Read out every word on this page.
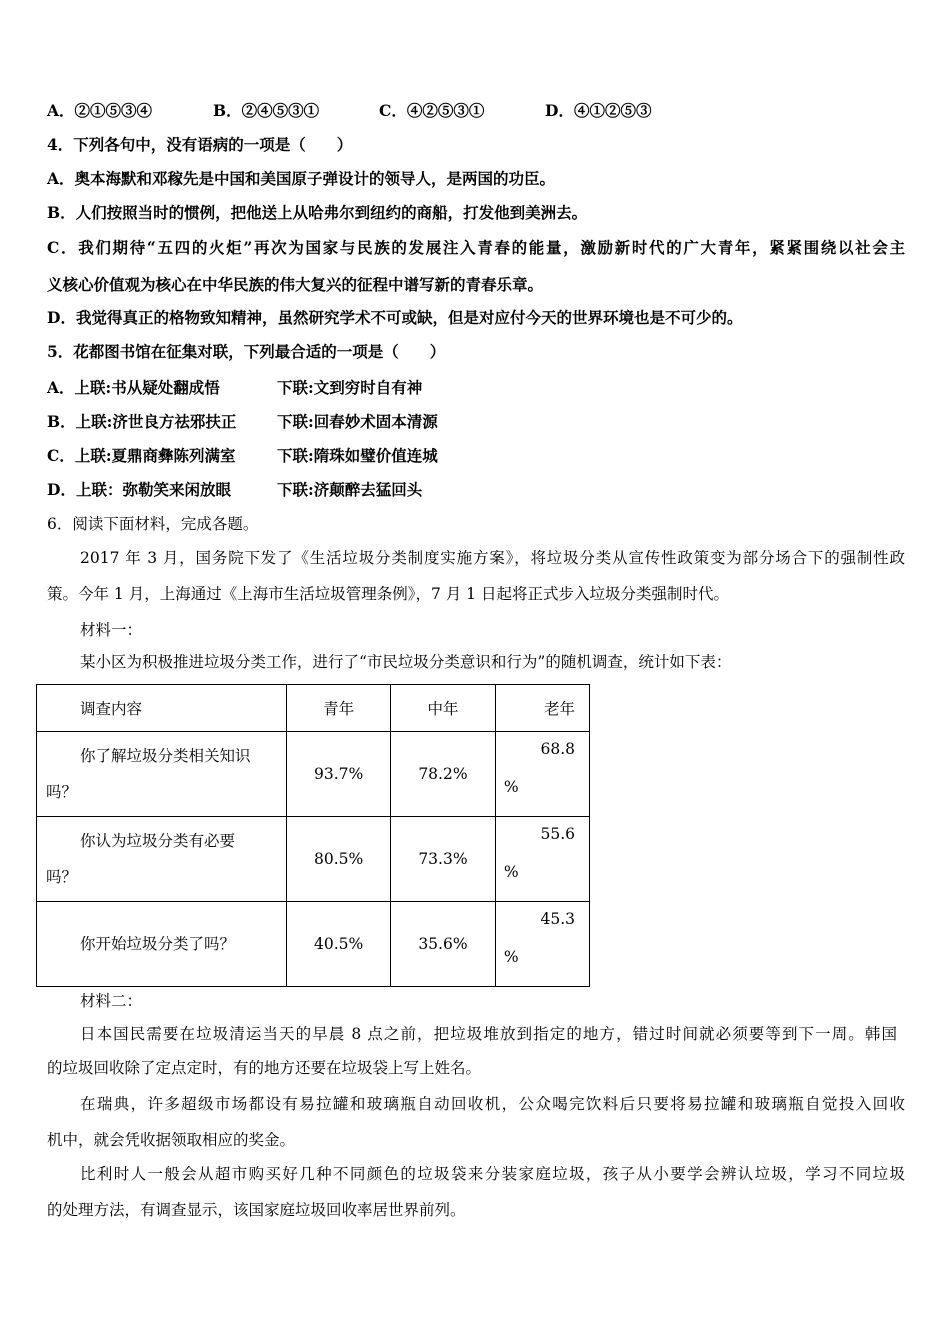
A．②①⑤③④	B．②④⑤③①	C．④②⑤③①	D．④①②⑤③
4．下列各句中，没有语病的一项是（　　）
A．奥本海默和邓稼先是中国和美国原子弹设计的领导人，是两国的功臣。
B．人们按照当时的惯例，把他送上从哈弗尔到纽约的商船，打发他到美洲去。
C．我们期待“五四的火炬”再次为国家与民族的发展注入青春的能量，激励新时代的广大青年，紧紧围绕以社会主
义核心价值观为核心在中华民族的伟大复兴的征程中谱写新的青春乐章。
D．我觉得真正的格物致知精神，虽然研究学术不可或缺，但是对应付今天的世界环境也是不可少的。
5．花都图书馆在征集对联，下列最合适的一项是（　　）
A．上联:书从疑处翻成悟	下联:文到穷时自有神
B．上联:济世良方祛邪扶正	下联:回春妙术固本清源
C．上联:夏鼎商彝陈列满室	下联:隋珠如璧价值连城
D．上联：弥勒笑来闲放眼	下联:济颠醉去猛回头
6．阅读下面材料，完成各题。
2017 年 3 月，国务院下发了《生活垃圾分类制度实施方案》，将垃圾分类从宣传性政策变为部分场合下的强制性政
策。今年 1 月，上海通过《上海市生活垃圾管理条例》，7 月 1 日起将正式步入垃圾分类强制时代。
材料一：
某小区为积极推进垃圾分类工作，进行了“市民垃圾分类意识和行为”的随机调查，统计如下表：
调查内容	青年	中年	老年

你了解垃圾分类相关知识
吗？	93.7%	78.2%	68.8
%

你认为垃圾分类有必要
吗？	80.5%	73.3%	55.6
%

你开始垃圾分类了吗？	40.5%	35.6%	45.3
%
材料二：
日本国民需要在垃圾清运当天的早晨 8 点之前，把垃圾堆放到指定的地方，错过时间就必须要等到下一周。韩国
的垃圾回收除了定点定时，有的地方还要在垃圾袋上写上姓名。
在瑞典，许多超级市场都设有易拉罐和玻璃瓶自动回收机，公众喝完饮料后只要将易拉罐和玻璃瓶自觉投入回收
机中，就会凭收据领取相应的奖金。
比利时人一般会从超市购买好几种不同颜色的垃圾袋来分装家庭垃圾，孩子从小要学会辨认垃圾，学习不同垃圾
的处理方法，有调查显示，该国家庭垃圾回收率居世界前列。
